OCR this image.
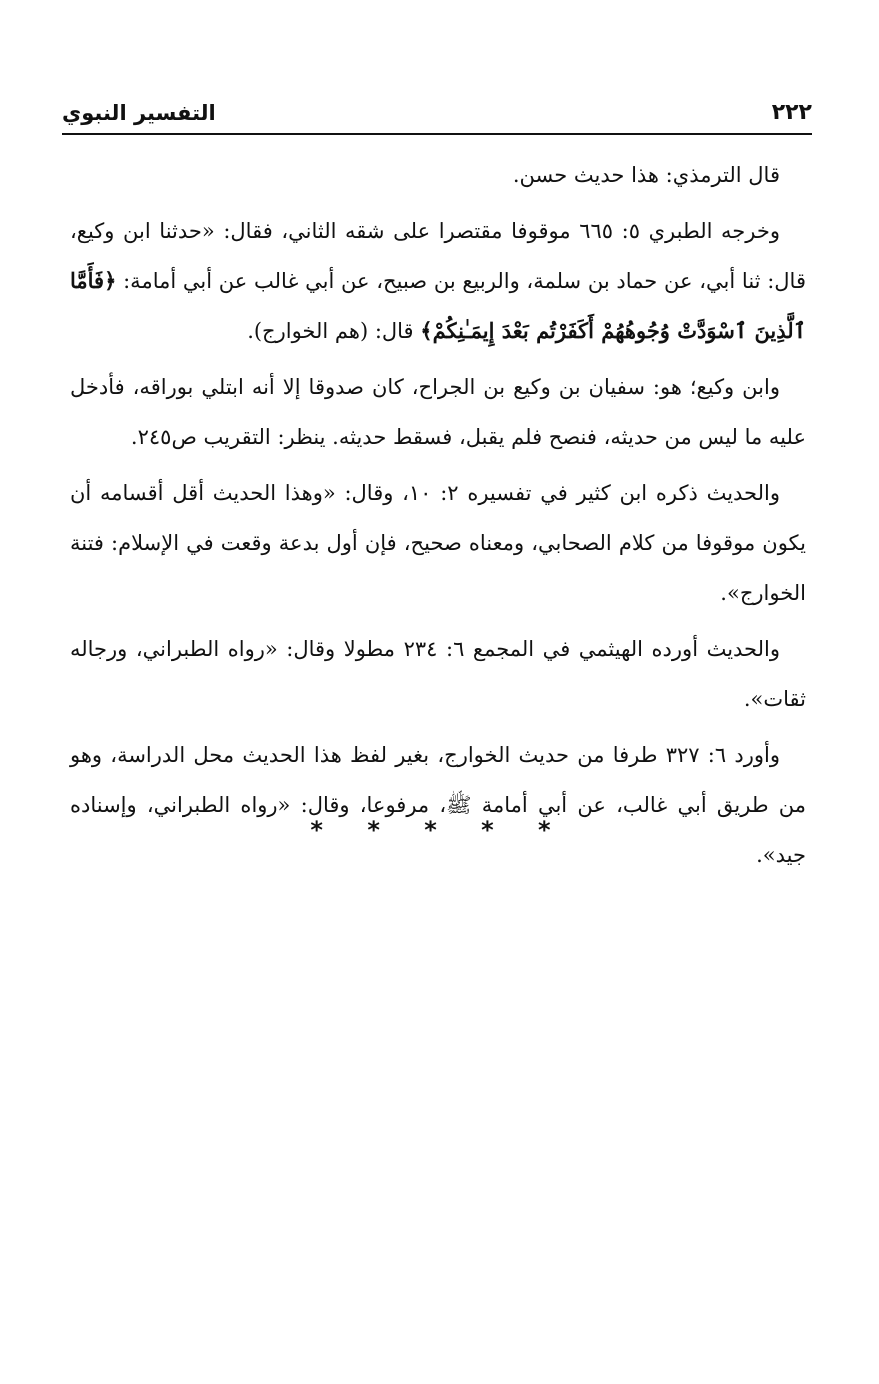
٢٢٢
التفسير النبوي

قال الترمذي: هذا حديث حسن.

وخرجه الطبري ٥: ٦٦٥ موقوفا مقتصرا على شقه الثاني، فقال: «حدثنا ابن وكيع، قال: ثنا أبي، عن حماد بن سلمة، والربيع بن صبيح، عن أبي غالب عن أبي أمامة: ﴿فَأَمَّا ٱلَّذِينَ ٱسْوَدَّتْ وُجُوهُهُمْ أَكَفَرْتُم بَعْدَ إِيمَـٰنِكُمْ﴾ قال: (هم الخوارج).

وابن وكيع؛ هو: سفيان بن وكيع بن الجراح، كان صدوقا إلا أنه ابتلي بوراقه، فأدخل عليه ما ليس من حديثه، فنصح فلم يقبل، فسقط حديثه. ينظر: التقريب ص٢٤٥.

والحديث ذكره ابن كثير في تفسيره ٢: ١٠، وقال: «وهذا الحديث أقل أقسامه أن يكون موقوفا من كلام الصحابي، ومعناه صحيح، فإن أول بدعة وقعت في الإسلام: فتنة الخوارج».

والحديث أورده الهيثمي في المجمع ٦: ٢٣٤ مطولا وقال: «رواه الطبراني، ورجاله ثقات».

وأورد ٦: ٣٢٧ طرفا من حديث الخوارج، بغير لفظ هذا الحديث محل الدراسة، وهو من طريق أبي غالب، عن أبي أمامة ﷺ، مرفوعا، وقال: «رواه الطبراني، وإسناده جيد».

* * * * *
